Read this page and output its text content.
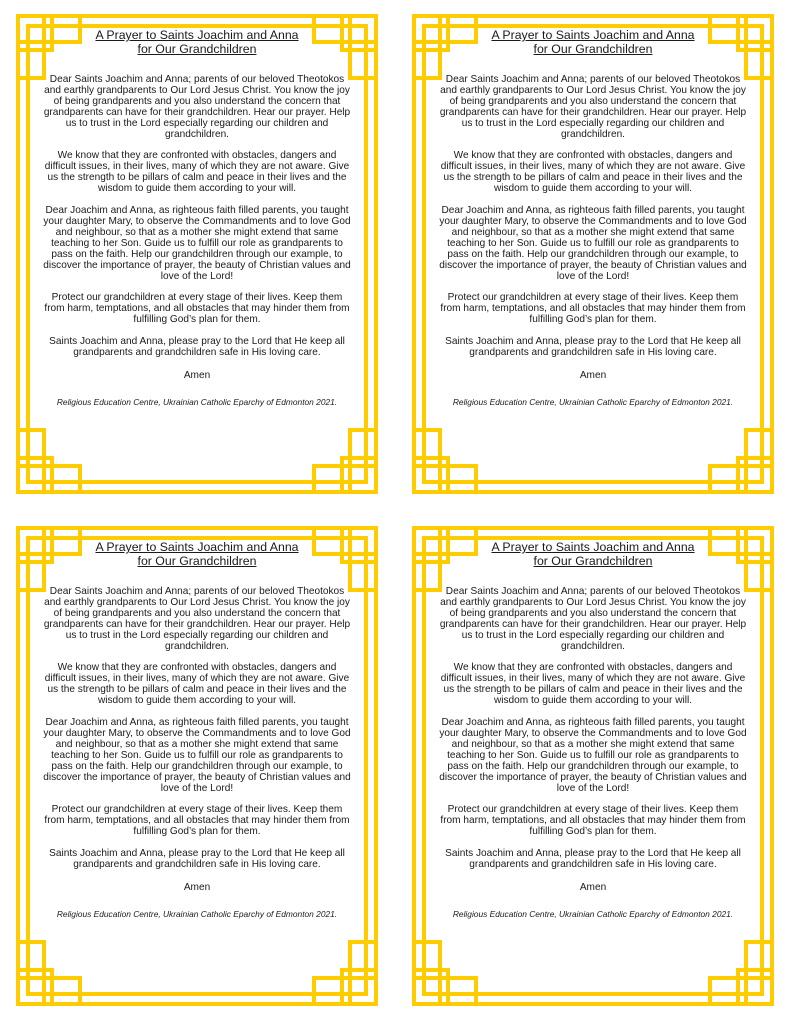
A Prayer to Saints Joachim and Anna
for Our Grandchildren

Dear Saints Joachim and Anna; parents of our beloved Theotokos and earthly grandparents to Our Lord Jesus Christ. You know the joy of being grandparents and you also understand the concern that grandparents can have for their grandchildren. Hear our prayer. Help us to trust in the Lord especially regarding our children and grandchildren.

We know that they are confronted with obstacles, dangers and difficult issues, in their lives, many of which they are not aware. Give us the strength to be pillars of calm and peace in their lives and the wisdom to guide them according to your will.

Dear Joachim and Anna, as righteous faith filled parents, you taught your daughter Mary, to observe the Commandments and to love God and neighbour, so that as a mother she might extend that same teaching to her Son. Guide us to fulfill our role as grandparents to pass on the faith. Help our grandchildren through our example, to discover the importance of prayer, the beauty of Christian values and love of the Lord!

Protect our grandchildren at every stage of their lives. Keep them from harm, temptations, and all obstacles that may hinder them from fulfilling God’s plan for them.

Saints Joachim and Anna, please pray to the Lord that He keep all grandparents and grandchildren safe in His loving care.

Amen

Religious Education Centre, Ukrainian Catholic Eparchy of Edmonton 2021.

A Prayer to Saints Joachim and Anna
for Our Grandchildren

Dear Saints Joachim and Anna; parents of our beloved Theotokos and earthly grandparents to Our Lord Jesus Christ. You know the joy of being grandparents and you also understand the concern that grandparents can have for their grandchildren. Hear our prayer. Help us to trust in the Lord especially regarding our children and grandchildren.

We know that they are confronted with obstacles, dangers and difficult issues, in their lives, many of which they are not aware. Give us the strength to be pillars of calm and peace in their lives and the wisdom to guide them according to your will.

Dear Joachim and Anna, as righteous faith filled parents, you taught your daughter Mary, to observe the Commandments and to love God and neighbour, so that as a mother she might extend that same teaching to her Son. Guide us to fulfill our role as grandparents to pass on the faith. Help our grandchildren through our example, to discover the importance of prayer, the beauty of Christian values and love of the Lord!

Protect our grandchildren at every stage of their lives. Keep them from harm, temptations, and all obstacles that may hinder them from fulfilling God’s plan for them.

Saints Joachim and Anna, please pray to the Lord that He keep all grandparents and grandchildren safe in His loving care.

Amen

Religious Education Centre, Ukrainian Catholic Eparchy of Edmonton 2021.

A Prayer to Saints Joachim and Anna
for Our Grandchildren

Dear Saints Joachim and Anna; parents of our beloved Theotokos and earthly grandparents to Our Lord Jesus Christ. You know the joy of being grandparents and you also understand the concern that grandparents can have for their grandchildren. Hear our prayer. Help us to trust in the Lord especially regarding our children and grandchildren.

We know that they are confronted with obstacles, dangers and difficult issues, in their lives, many of which they are not aware. Give us the strength to be pillars of calm and peace in their lives and the wisdom to guide them according to your will.

Dear Joachim and Anna, as righteous faith filled parents, you taught your daughter Mary, to observe the Commandments and to love God and neighbour, so that as a mother she might extend that same teaching to her Son. Guide us to fulfill our role as grandparents to pass on the faith. Help our grandchildren through our example, to discover the importance of prayer, the beauty of Christian values and love of the Lord!

Protect our grandchildren at every stage of their lives. Keep them from harm, temptations, and all obstacles that may hinder them from fulfilling God’s plan for them.

Saints Joachim and Anna, please pray to the Lord that He keep all grandparents and grandchildren safe in His loving care.

Amen

Religious Education Centre, Ukrainian Catholic Eparchy of Edmonton 2021.

A Prayer to Saints Joachim and Anna
for Our Grandchildren

Dear Saints Joachim and Anna; parents of our beloved Theotokos and earthly grandparents to Our Lord Jesus Christ. You know the joy of being grandparents and you also understand the concern that grandparents can have for their grandchildren. Hear our prayer. Help us to trust in the Lord especially regarding our children and grandchildren.

We know that they are confronted with obstacles, dangers and difficult issues, in their lives, many of which they are not aware. Give us the strength to be pillars of calm and peace in their lives and the wisdom to guide them according to your will.

Dear Joachim and Anna, as righteous faith filled parents, you taught your daughter Mary, to observe the Commandments and to love God and neighbour, so that as a mother she might extend that same teaching to her Son. Guide us to fulfill our role as grandparents to pass on the faith. Help our grandchildren through our example, to discover the importance of prayer, the beauty of Christian values and love of the Lord!

Protect our grandchildren at every stage of their lives. Keep them from harm, temptations, and all obstacles that may hinder them from fulfilling God’s plan for them.

Saints Joachim and Anna, please pray to the Lord that He keep all grandparents and grandchildren safe in His loving care.

Amen

Religious Education Centre, Ukrainian Catholic Eparchy of Edmonton 2021.
